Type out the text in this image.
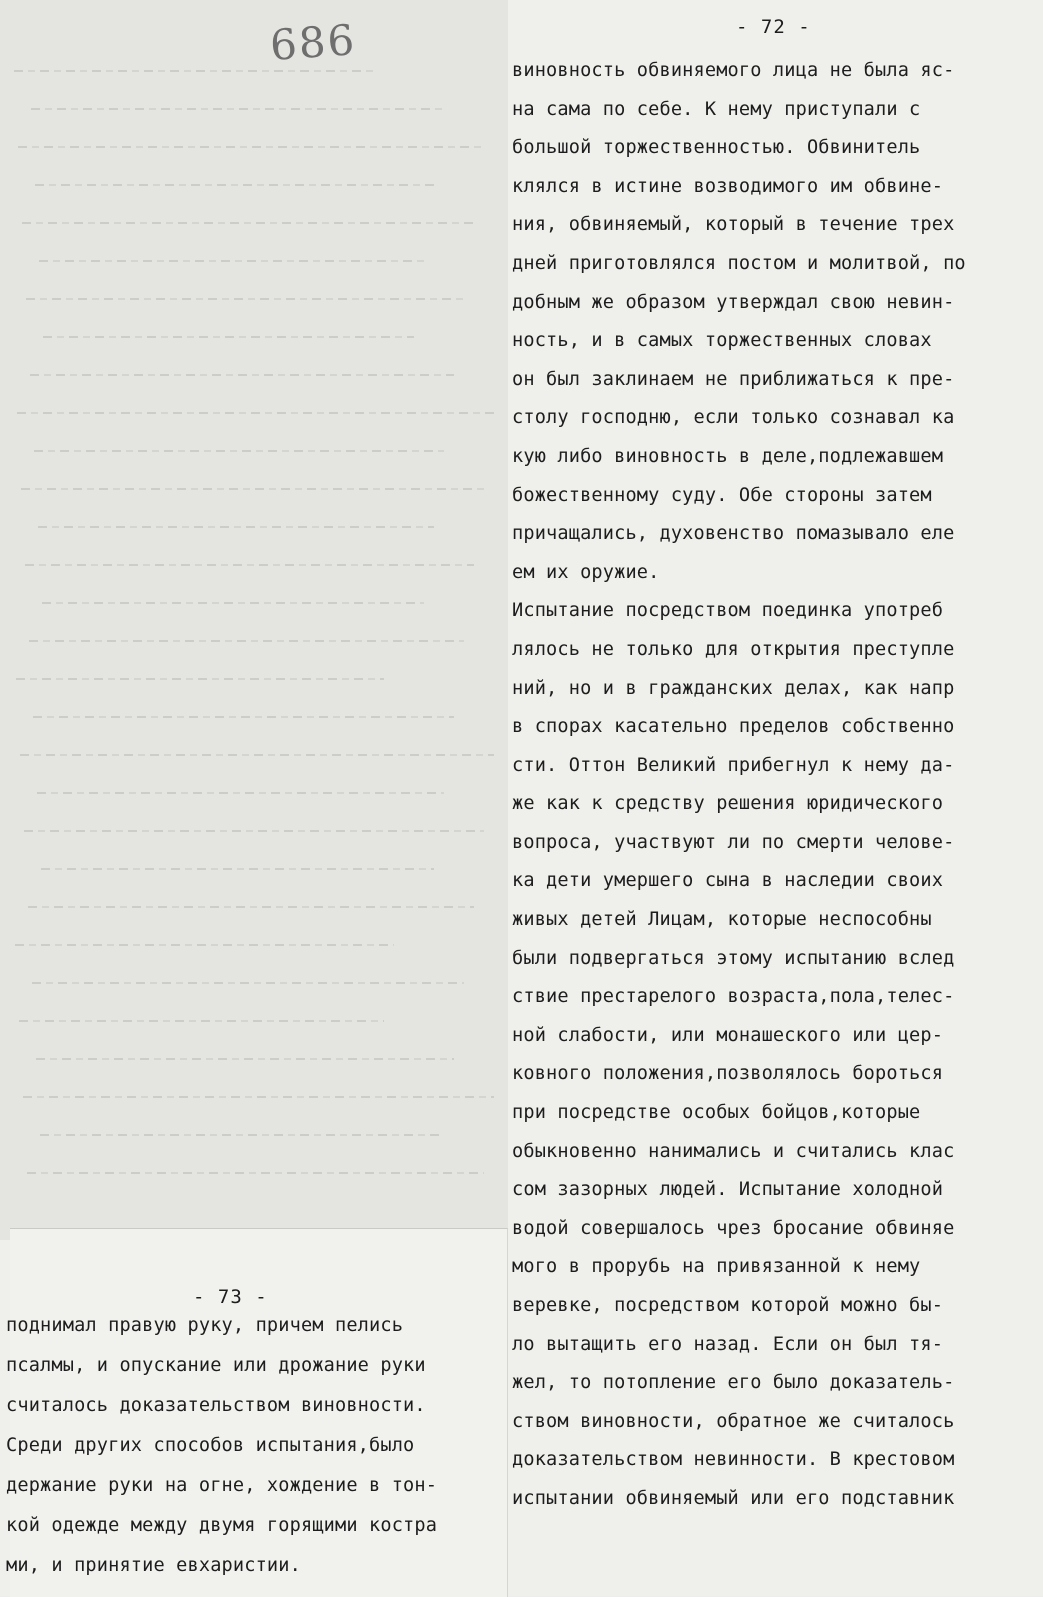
686	- 72 -
виновность обвиняемого лица не была яс-
на сама по себе. К нему приступали с
большой торжественностью. Обвинитель
клялся в истине возводимого им обвине-
ния, обвиняемый, который в течение трех
дней приготовлялся постом и молитвой, по
добным же образом утверждал свою невин-
ность, и в самых торжественных словах
он был заклинаем не приближаться к пре-
столу господню, если только сознавал ка
кую либо виновность в деле,подлежавшем
божественному суду. Обе стороны затем
причащались, духовенство помазывало еле
ем их оружие.
Испытание посредством поединка употреб
лялось не только для открытия преступле
ний, но и в гражданских делах, как напр
в спорах касательно пределов собственно
сти. Оттон Великий прибегнул к нему да-
же как к средству решения юридического
вопроса, участвуют ли по смерти челове-
ка дети умершего сына в наследии своих
живых детей Лицам, которые неспособны
были подвергаться этому испытанию вслед
ствие престарелого возраста,пола,телес-
ной слабости, или монашеского или цер-
ковного положения,позволялось бороться
при посредстве особых бойцов,которые
обыкновенно нанимались и считались клас
сом зазорных людей. Испытание холодной
водой совершалось чрез бросание обвиняе
мого в прорубь на привязанной к нему
веревке, посредством которой можно бы-
ло вытащить его назад. Если он был тя-
жел, то потопление его было доказатель-
ством виновности, обратное же считалось
доказательством невинности. В крестовом
испытании обвиняемый или его подставник
- 73 -
поднимал правую руку, причем пелись
псалмы, и опускание или дрожание руки
считалось доказательством виновности.
Среди других способов испытания,было
держание руки на огне, хождение в тон-
кой одежде между двумя горящими костра
ми, и принятие евхаристии.
